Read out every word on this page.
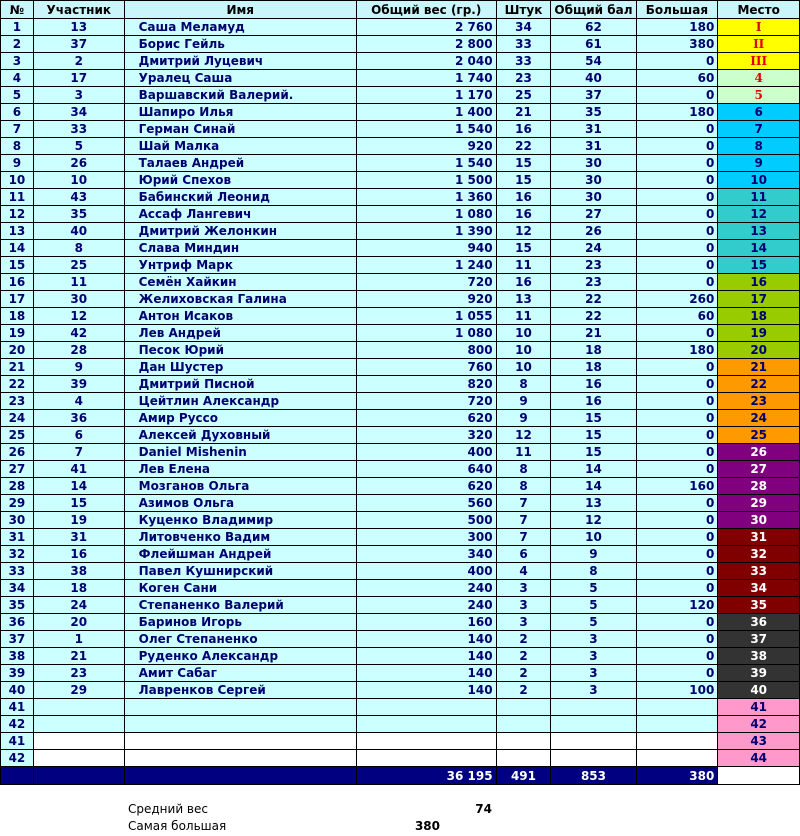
№	Участник	Имя	Общий вес (гр.)	Штук	Общий бал	Большая	Место
1	13	Саша Меламуд	2 760	34	62	180	I
2	37	Борис Гейль	2 800	33	61	380	II
3	2	Дмитрий Луцевич	2 040	33	54	0	III
4	17	Уралец Саша	1 740	23	40	60	4
5	3	Варшавский Валерий.	1 170	25	37	0	5
6	34	Шапиро Илья	1 400	21	35	180	6
7	33	Герман Синай	1 540	16	31	0	7
8	5	Шай Малка	920	22	31	0	8
9	26	Талаев Андрей	1 540	15	30	0	9
10	10	Юрий Спехов	1 500	15	30	0	10
11	43	Бабинский Леонид	1 360	16	30	0	11
12	35	Ассаф Лангевич	1 080	16	27	0	12
13	40	Дмитрий Желонкин	1 390	12	26	0	13
14	8	Слава Миндин	940	15	24	0	14
15	25	Унтриф Марк	1 240	11	23	0	15
16	11	Семён Хайкин	720	16	23	0	16
17	30	Желиховская Галина	920	13	22	260	17
18	12	Антон Исаков	1 055	11	22	60	18
19	42	Лев Андрей	1 080	10	21	0	19
20	28	Песок Юрий	800	10	18	180	20
21	9	Дан Шустер	760	10	18	0	21
22	39	Дмитрий Писной	820	8	16	0	22
23	4	Цейтлин Александр	720	9	16	0	23
24	36	Амир Руссо	620	9	15	0	24
25	6	Алексей Духовный	320	12	15	0	25
26	7	Daniel Mishenin	400	11	15	0	26
27	41	Лев Елена	640	8	14	0	27
28	14	Мозганов Ольга	620	8	14	160	28
29	15	Азимов Ольга	560	7	13	0	29
30	19	Куценко Владимир	500	7	12	0	30
31	31	Литовченко Вадим	300	7	10	0	31
32	16	Флейшман Андрей	340	6	9	0	32
33	38	Павел Кушнирский	400	4	8	0	33
34	18	Коген Сани	240	3	5	0	34
35	24	Степаненко Валерий	240	3	5	120	35
36	20	Баринов Игорь	160	3	5	0	36
37	1	Олег Степаненко	140	2	3	0	37
38	21	Руденко Александр	140	2	3	0	38
39	23	Амит Сабаг	140	2	3	0	39
40	29	Лавренков Сергей	140	2	3	100	40
41							41
42							42
41							43
42							44
			36 195	491	853	380	
Средний вес	74
Самая большая	380
